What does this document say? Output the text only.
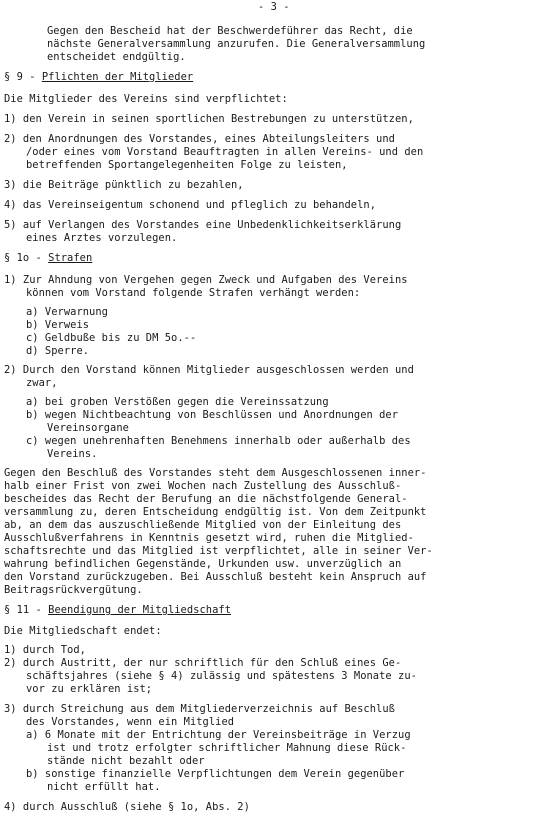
- 3 -
Gegen den Bescheid hat der Beschwerdeführer das Recht, die
nächste Generalversammlung anzurufen. Die Generalversammlung
entscheidet endgültig.
§ 9 - Pflichten der Mitglieder
Die Mitglieder des Vereins sind verpflichtet:
1) den Verein in seinen sportlichen Bestrebungen zu unterstützen,
2) den Anordnungen des Vorstandes, eines Abteilungsleiters und
/oder eines vom Vorstand Beauftragten in allen Vereins- und den
betreffenden Sportangelegenheiten Folge zu leisten,
3) die Beiträge pünktlich zu bezahlen,
4) das Vereinseigentum schonend und pfleglich zu behandeln,
5) auf Verlangen des Vorstandes eine Unbedenklichkeitserklärung
eines Arztes vorzulegen.
§ 1o - Strafen
1) Zur Ahndung von Vergehen gegen Zweck und Aufgaben des Vereins
können vom Vorstand folgende Strafen verhängt werden:
a) Verwarnung
b) Verweis
c) Geldbuße bis zu DM 5o.--
d) Sperre.
2) Durch den Vorstand können Mitglieder ausgeschlossen werden und
zwar,
a) bei groben Verstößen gegen die Vereinssatzung
b) wegen Nichtbeachtung von Beschlüssen und Anordnungen der
Vereinsorgane
c) wegen unehrenhaften Benehmens innerhalb oder außerhalb des
Vereins.
Gegen den Beschluß des Vorstandes steht dem Ausgeschlossenen inner-
halb einer Frist von zwei Wochen nach Zustellung des Ausschluß-
bescheides das Recht der Berufung an die nächstfolgende General-
versammlung zu, deren Entscheidung endgültig ist. Von dem Zeitpunkt
ab, an dem das auszuschließende Mitglied von der Einleitung des
Ausschlußverfahrens in Kenntnis gesetzt wird, ruhen die Mitglied-
schaftsrechte und das Mitglied ist verpflichtet, alle in seiner Ver-
wahrung befindlichen Gegenstände, Urkunden usw. unverzüglich an
den Vorstand zurückzugeben. Bei Ausschluß besteht kein Anspruch auf
Beitragsrückvergütung.
§ 11 - Beendigung der Mitgliedschaft
Die Mitgliedschaft endet:
1) durch Tod,
2) durch Austritt, der nur schriftlich für den Schluß eines Ge-
schäftsjahres (siehe § 4) zulässig und spätestens 3 Monate zu-
vor zu erklären ist;
3) durch Streichung aus dem Mitgliederverzeichnis auf Beschluß
des Vorstandes, wenn ein Mitglied
a) 6 Monate mit der Entrichtung der Vereinsbeiträge in Verzug
ist und trotz erfolgter schriftlicher Mahnung diese Rück-
stände nicht bezahlt oder
b) sonstige finanzielle Verpflichtungen dem Verein gegenüber
nicht erfüllt hat.
4) durch Ausschluß (siehe § 1o, Abs. 2)
